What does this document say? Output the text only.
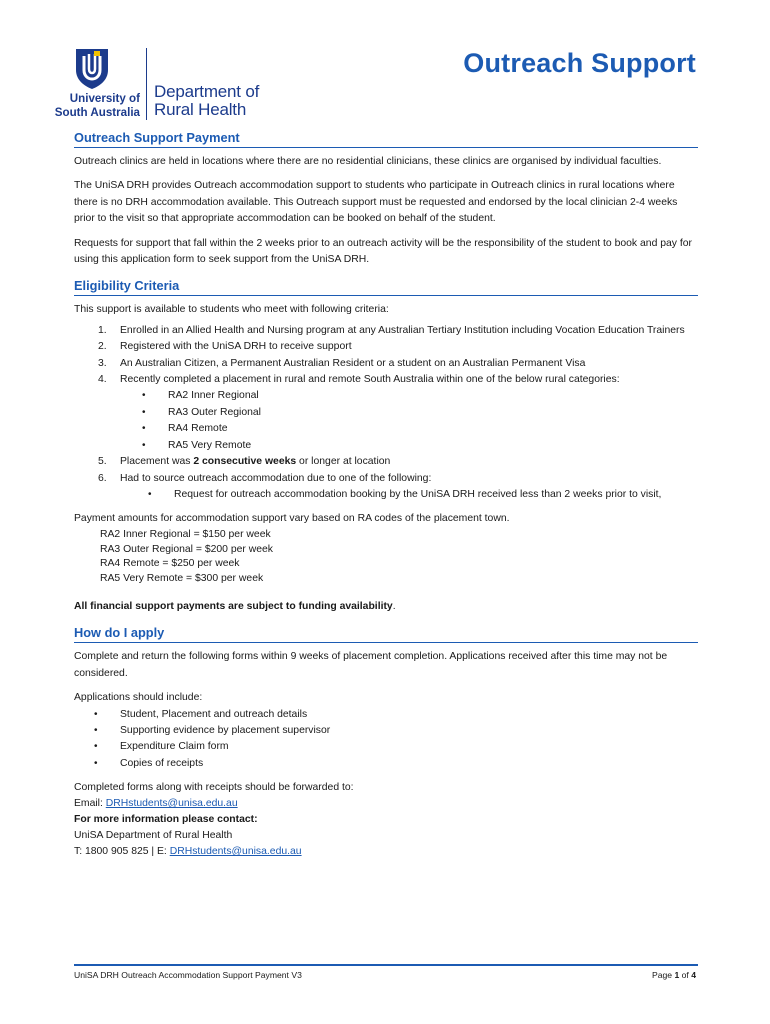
University of
South Australia
Department of
Rural Health
Outreach Support
Outreach Support Payment

Outreach clinics are held in locations where there are no residential clinicians, these clinics are organised by individual faculties.

The UniSA DRH provides Outreach accommodation support to students who participate in Outreach clinics in rural locations where there is no DRH accommodation available. This Outreach support must be requested and endorsed by the local clinician 2-4 weeks prior to the visit so that appropriate accommodation can be booked on behalf of the student.

Requests for support that fall within the 2 weeks prior to an outreach activity will be the responsibility of the student to book and pay for using this application form to seek support from the UniSA DRH.

Eligibility Criteria

This support is available to students who meet with following criteria:

1. Enrolled in an Allied Health and Nursing program at any Australian Tertiary Institution including Vocation Education Trainers
2. Registered with the UniSA DRH to receive support
3. An Australian Citizen, a Permanent Australian Resident or a student on an Australian Permanent Visa
4. Recently completed a placement in rural and remote South Australia within one of the below rural categories:
• RA2 Inner Regional
• RA3 Outer Regional
• RA4 Remote
• RA5 Very Remote
5. Placement was 2 consecutive weeks or longer at location
6. Had to source outreach accommodation due to one of the following:
• Request for outreach accommodation booking by the UniSA DRH received less than 2 weeks prior to visit,

Payment amounts for accommodation support vary based on RA codes of the placement town.

RA2 Inner Regional = $150 per week
RA3 Outer Regional = $200 per week
RA4 Remote = $250 per week
RA5 Very Remote = $300 per week

All financial support payments are subject to funding availability.

How do I apply

Complete and return the following forms within 9 weeks of placement completion. Applications received after this time may not be considered.

Applications should include:

• Student, Placement and outreach details
• Supporting evidence by placement supervisor
• Expenditure Claim form
• Copies of receipts
Completed forms along with receipts should be forwarded to:
Email: DRHstudents@unisa.edu.au
For more information please contact:
UniSA Department of Rural Health
T: 1800 905 825 | E: DRHstudents@unisa.edu.au
UniSA DRH Outreach Accommodation Support Payment V3	Page 1 of 4
